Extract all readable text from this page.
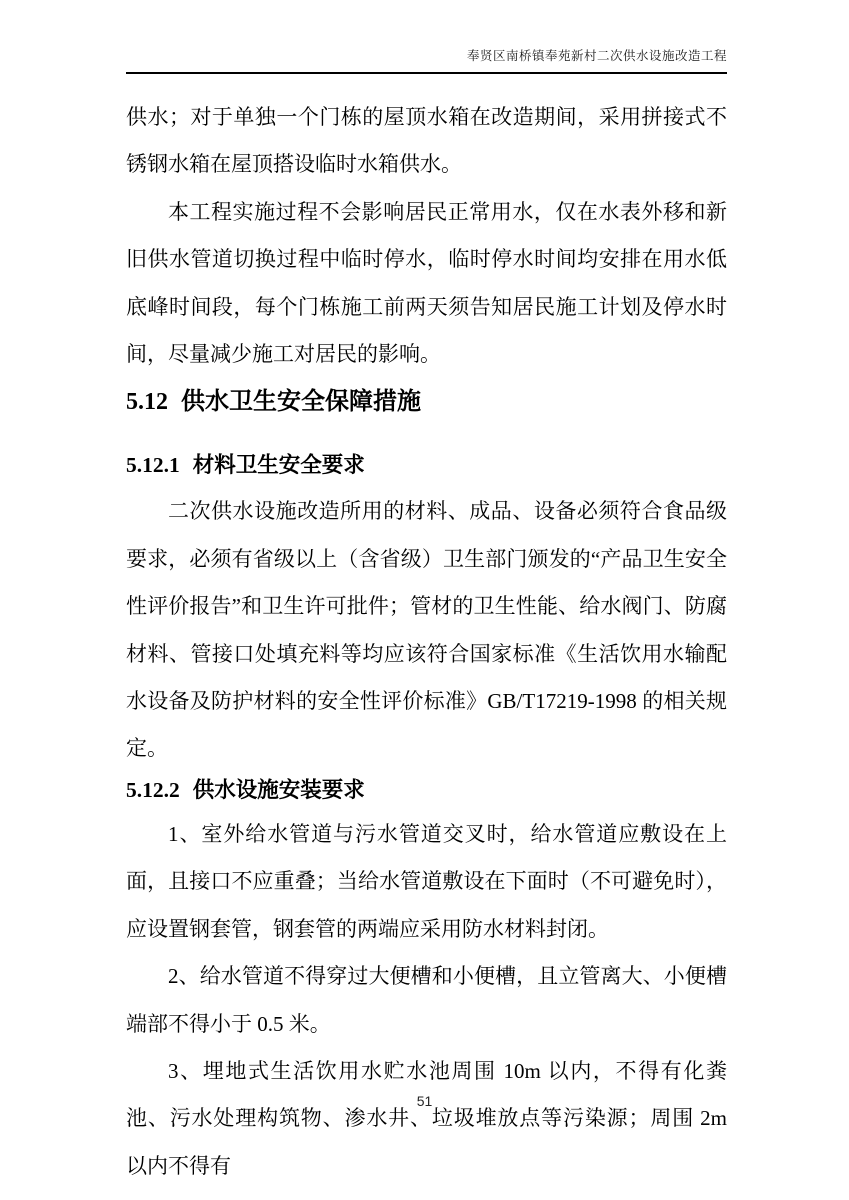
奉贤区南桥镇奉苑新村二次供水设施改造工程

供水；对于单独一个门栋的屋顶水箱在改造期间，采用拼接式不锈钢水箱在屋顶搭设临时水箱供水。

本工程实施过程不会影响居民正常用水，仅在水表外移和新旧供水管道切换过程中临时停水，临时停水时间均安排在用水低底峰时间段，每个门栋施工前两天须告知居民施工计划及停水时间，尽量减少施工对居民的影响。

5.12 供水卫生安全保障措施
5.12.1 材料卫生安全要求

二次供水设施改造所用的材料、成品、设备必须符合食品级要求，必须有省级以上（含省级）卫生部门颁发的“产品卫生安全性评价报告”和卫生许可批件；管材的卫生性能、给水阀门、防腐材料、管接口处填充料等均应该符合国家标准《生活饮用水输配水设备及防护材料的安全性评价标准》GB/T17219-1998 的相关规定。

5.12.2 供水设施安装要求

1、室外给水管道与污水管道交叉时，给水管道应敷设在上面，且接口不应重叠；当给水管道敷设在下面时（不可避免时），应设置钢套管，钢套管的两端应采用防水材料封闭。

2、给水管道不得穿过大便槽和小便槽，且立管离大、小便槽端部不得小于 0.5 米。

3、埋地式生活饮用水贮水池周围 10m 以内，不得有化粪池、污水处理构筑物、渗水井、垃圾堆放点等污染源；周围 2m 以内不得有

51
